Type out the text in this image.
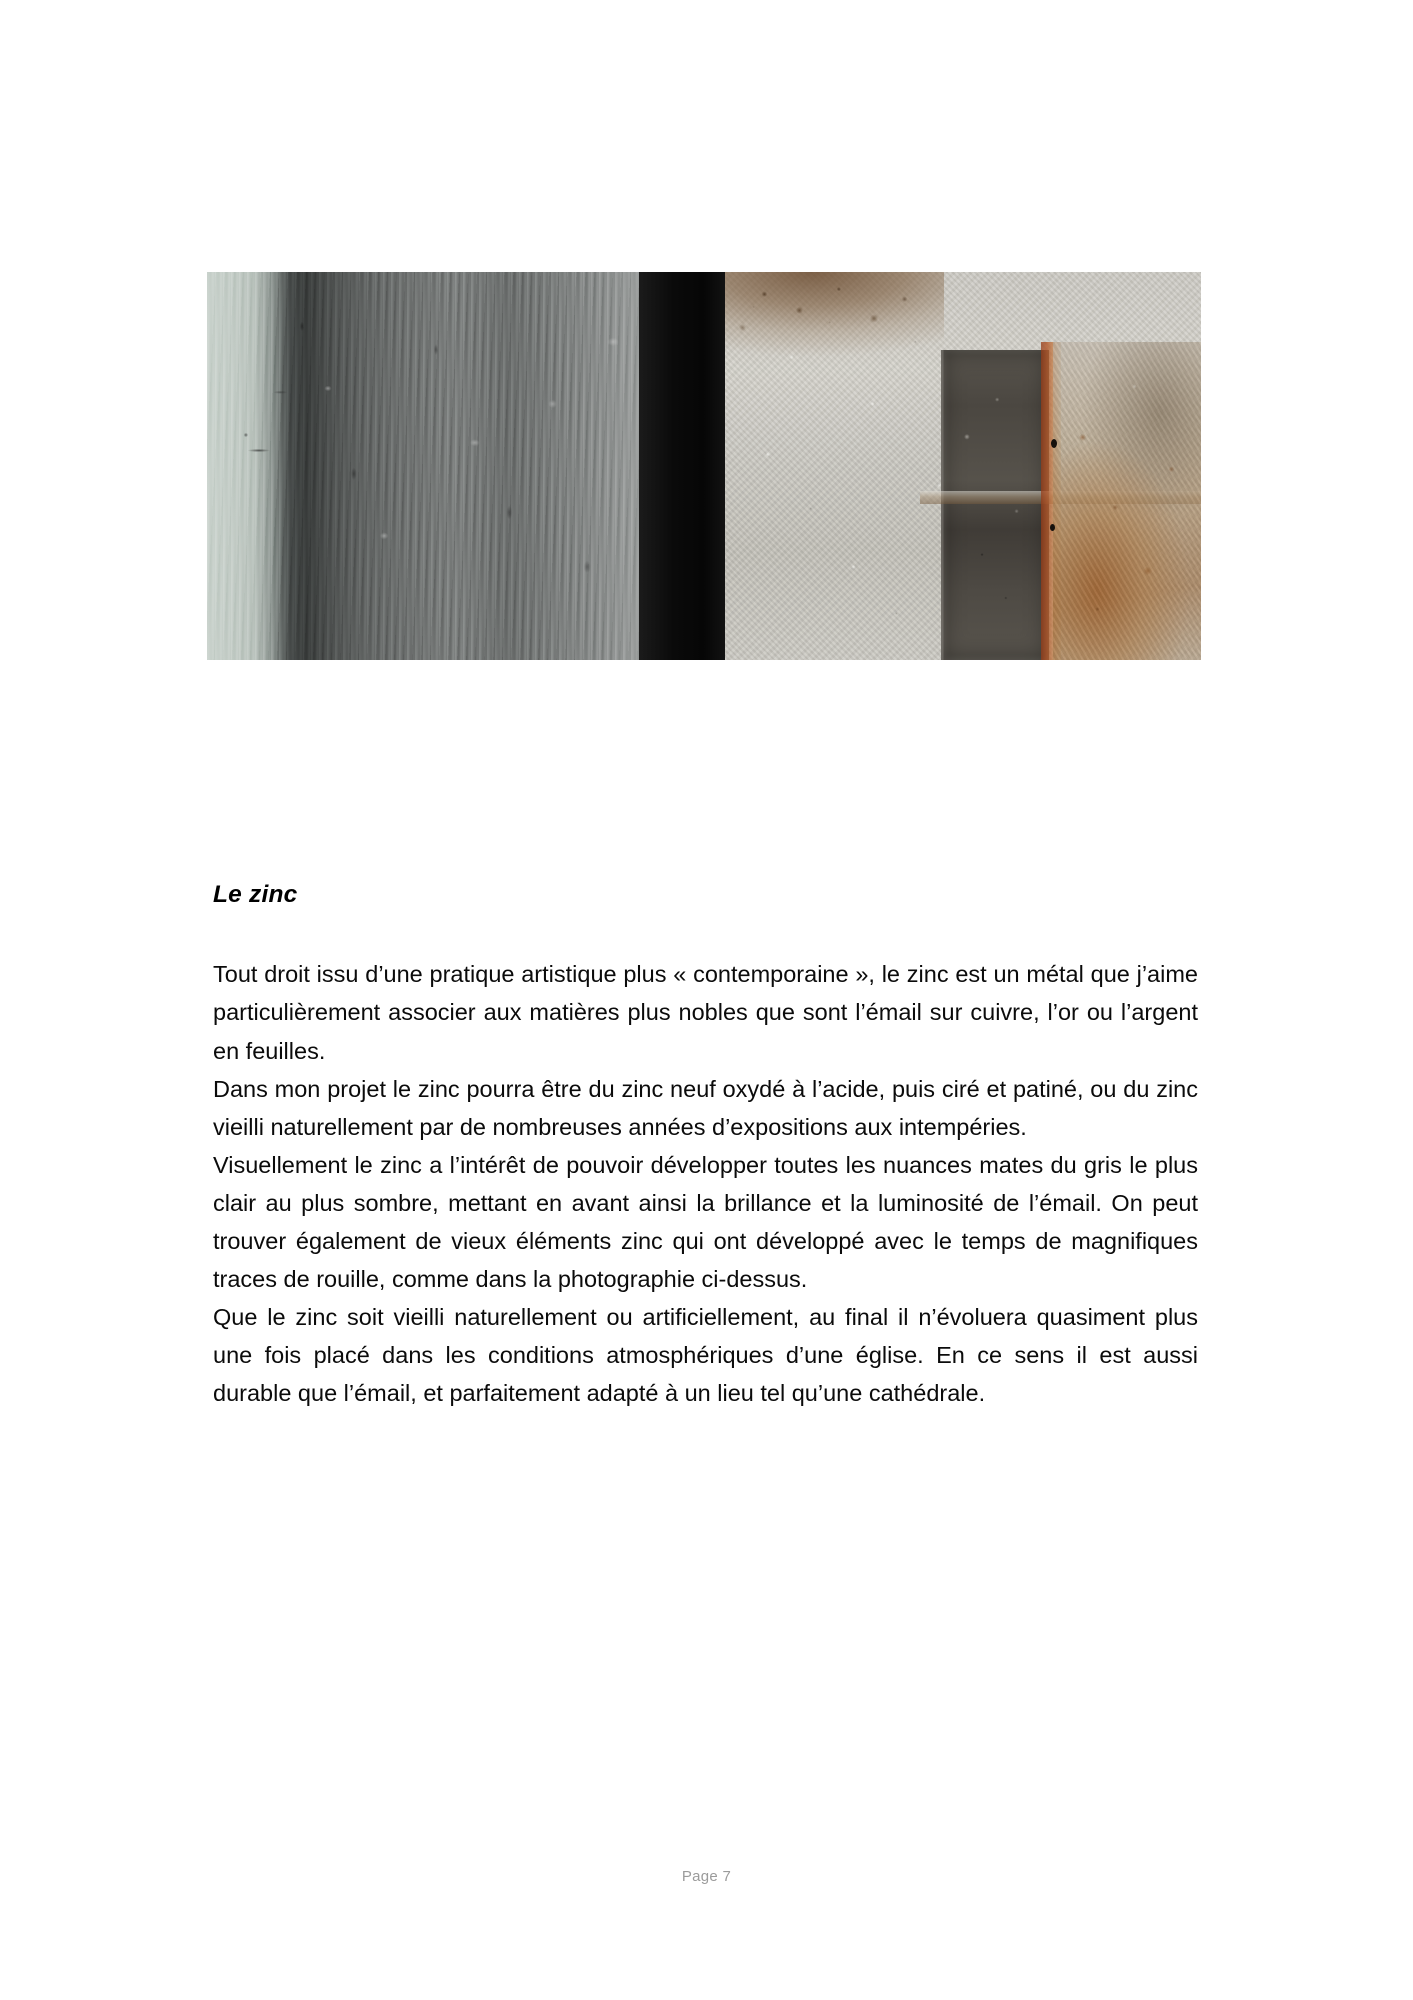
Le zinc

Tout droit issu d’une pratique artistique plus « contemporaine », le zinc est un métal que j’aime particulièrement associer aux matières plus nobles que sont l’émail sur cuivre, l’or ou l’argent en feuilles.

Dans mon projet le zinc pourra être du zinc neuf oxydé à l’acide, puis ciré et patiné, ou du zinc vieilli naturellement par de nombreuses années d’expositions aux intempéries.

Visuellement le zinc a l’intérêt de pouvoir développer toutes les nuances mates du gris le plus clair au plus sombre, mettant en avant ainsi la brillance et la luminosité de l’émail. On peut trouver également de vieux éléments zinc qui ont développé avec le temps de magnifiques traces de rouille, comme dans la photographie ci-dessus.

Que le zinc soit vieilli naturellement ou artificiellement, au final il n’évoluera quasiment plus une fois placé dans les conditions atmosphériques d’une église. En ce sens il est aussi durable que l’émail, et parfaitement adapté à un lieu tel qu’une cathédrale.

Page 7
